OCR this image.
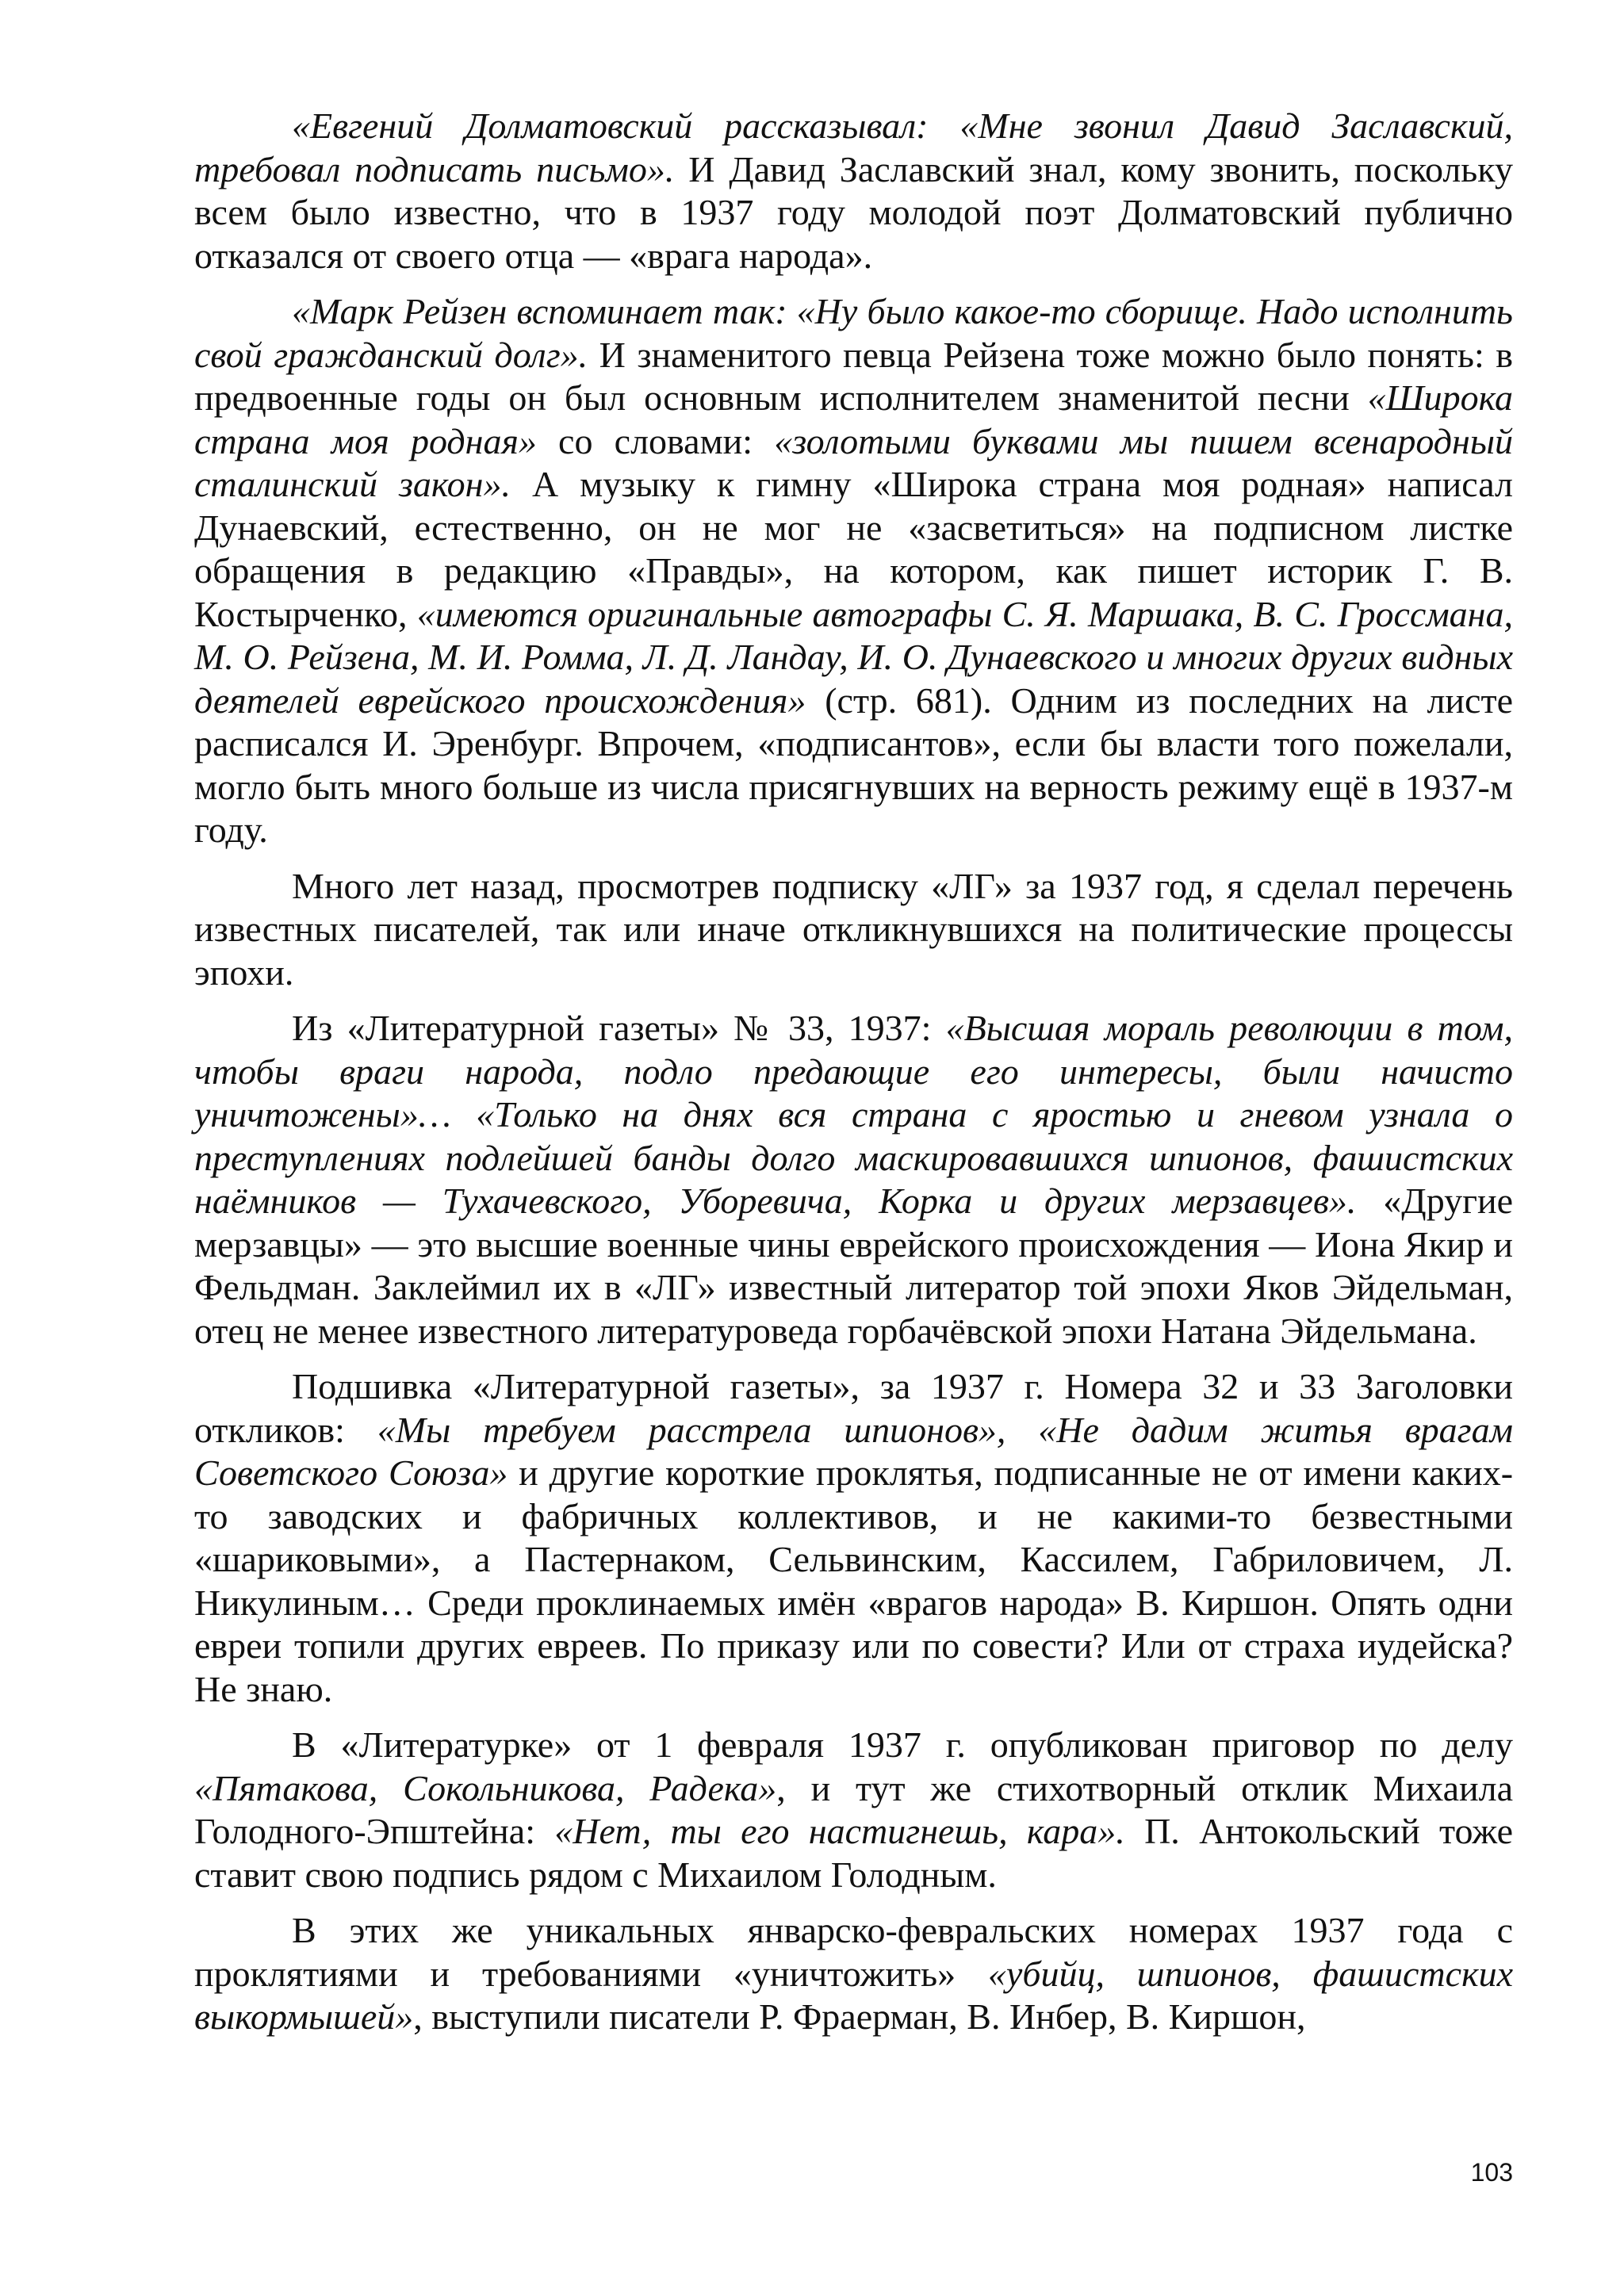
«Евгений Долматовский рассказывал: «Мне звонил Давид Заславский, требовал подписать письмо». И Давид Заславский знал, кому звонить, поскольку всем было известно, что в 1937 году молодой поэт Долматовский публично отказался от своего отца — «врага народа».

«Марк Рейзен вспоминает так: «Ну было какое-то сборище. Надо исполнить свой гражданский долг». И знаменитого певца Рейзена тоже можно было понять: в предвоенные годы он был основным исполнителем знаменитой песни «Широка страна моя родная» со словами: «золотыми буквами мы пишем всенародный сталинский закон». А музыку к гимну «Широка страна моя родная» написал Дунаевский, естественно, он не мог не «засветиться» на подписном листке обращения в редакцию «Правды», на котором, как пишет историк Г. В. Костырченко, «имеются оригинальные автографы С. Я. Маршака, В. С. Гроссмана, М. О. Рейзена, М. И. Ромма, Л. Д. Ландау, И. О. Дунаевского и многих других видных деятелей еврейского происхождения» (стр. 681). Одним из последних на листе расписался И. Эренбург. Впрочем, «подписантов», если бы власти того пожелали, могло быть много больше из числа присягнувших на верность режиму ещё в 1937-м году.

Много лет назад, просмотрев подписку «ЛГ» за 1937 год, я сделал перечень известных писателей, так или иначе откликнувшихся на политические процессы эпохи.

Из «Литературной газеты» № 33, 1937: «Высшая мораль революции в том, чтобы враги народа, подло предающие его интересы, были начисто уничтожены»… «Только на днях вся страна с яростью и гневом узнала о преступлениях подлейшей банды долго маскировавшихся шпионов, фашистских наёмников — Тухачевского, Уборевича, Корка и других мерзавцев». «Другие мерзавцы» — это высшие военные чины еврейского происхождения — Иона Якир и Фельдман. Заклеймил их в «ЛГ» известный литератор той эпохи Яков Эйдельман, отец не менее известного литературоведа горбачёвской эпохи Натана Эйдельмана.

Подшивка «Литературной газеты», за 1937 г. Номера 32 и 33 Заголовки откликов: «Мы требуем расстрела шпионов», «Не дадим житья врагам Советского Союза» и другие короткие проклятья, подписанные не от имени каких-то заводских и фабричных коллективов, и не какими-то безвестными «шариковыми», а Пастернаком, Сельвинским, Кассилем, Габриловичем, Л. Никулиным… Среди проклинаемых имён «врагов народа» В. Киршон. Опять одни евреи топили других евреев. По приказу или по совести? Или от страха иудейска? Не знаю.

В «Литературке» от 1 февраля 1937 г. опубликован приговор по делу «Пятакова, Сокольникова, Радека», и тут же стихотворный отклик Михаила Голодного-Эпштейна: «Нет, ты его настигнешь, кара». П. Антокольский тоже ставит свою подпись рядом с Михаилом Голодным.

В этих же уникальных январско-февральских номерах 1937 года с проклятиями и требованиями «уничтожить» «убийц, шпионов, фашистских выкормышей», выступили писатели Р. Фраерман, В. Инбер, В. Киршон,

103
